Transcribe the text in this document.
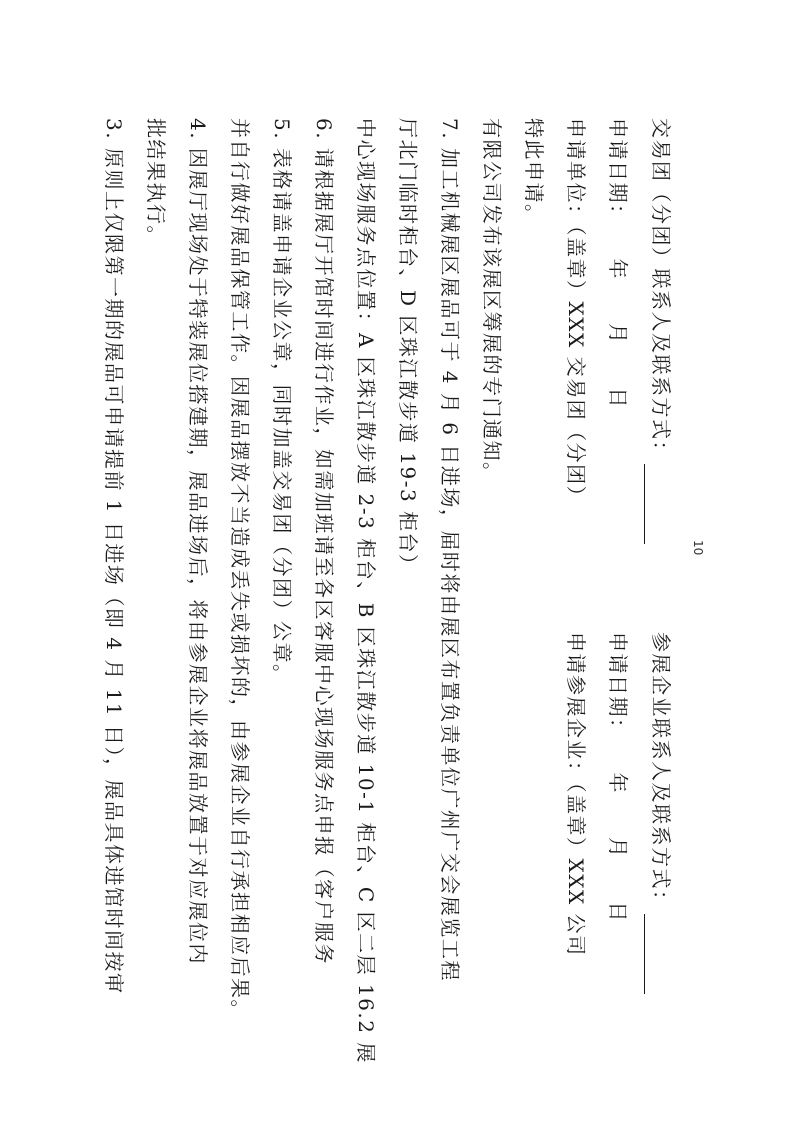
3. 原则上仅限第一期的展品可申请提前 1 日进场（即 4 月 11 日），展品具体进馆时间按审 批结果执行。 4. 因展厅现场处于特装展位搭建期，展品进场后，将由参展企业将展品放置于对应展位内 并自行做好展品保管工作。因展品摆放不当造成丢失或损坏的，由参展企业自行承担相应后果。 5. 表格请盖申请企业公章，同时加盖交易团（分团）公章。 6. 请根据展厅开馆时间进行作业，如需加班请至各区客服中心现场服务点申报（客户服务 中心现场服务点位置：A 区珠江散步道 2-3 柜台、B 区珠江散步道 10-1 柜台、C 区二层 16.2 展 厅北门临时柜台、D 区珠江散步道 19-3 柜台） 7. 加工机械展区展品可于 4 月 6 日进场，届时将由展区布置负责单位广州广交会展览工程 有限公司发布该展区筹展的专门通知。 特此申请。 申请单位：（盖章）XXX 交易团（分团） 申请日期：　　年　　月　　日 交易团（分团）联系人及联系方式：
申请参展企业：（盖章）XXX 公司 申请日期：　　年　　月　　日 参展企业联系人及联系方式：
10
